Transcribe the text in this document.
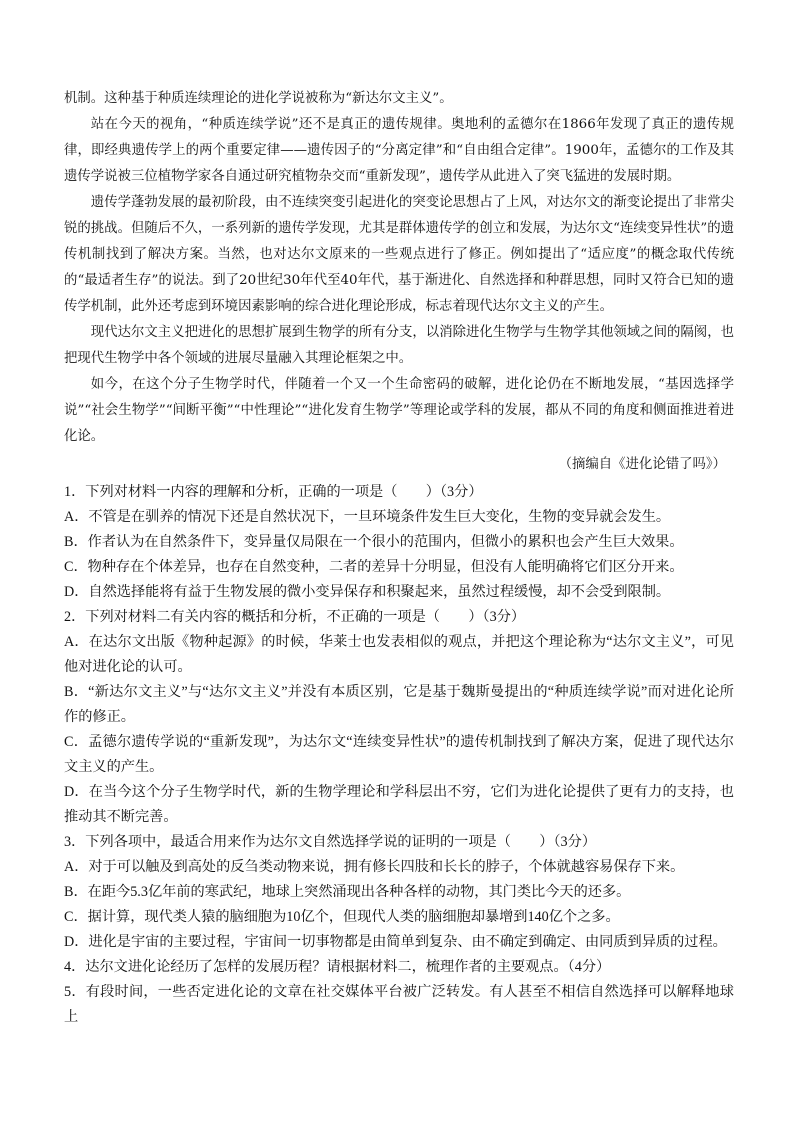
机制。这种基于种质连续理论的进化学说被称为“新达尔文主义”。

站在今天的视角，“种质连续学说”还不是真正的遗传规律。奥地利的孟德尔在1866年发现了真正的遗传规律，即经典遗传学上的两个重要定律——遗传因子的“分离定律”和“自由组合定律”。1900年，孟德尔的工作及其遗传学说被三位植物学家各自通过研究植物杂交而“重新发现”，遗传学从此进入了突飞猛进的发展时期。

遗传学蓬勃发展的最初阶段，由不连续突变引起进化的突变论思想占了上风，对达尔文的渐变论提出了非常尖锐的挑战。但随后不久，一系列新的遗传学发现，尤其是群体遗传学的创立和发展，为达尔文“连续变异性状”的遗传机制找到了解决方案。当然，也对达尔文原来的一些观点进行了修正。例如提出了“适应度”的概念取代传统的“最适者生存”的说法。到了20世纪30年代至40年代，基于渐进化、自然选择和种群思想，同时又符合已知的遗传学机制，此外还考虑到环境因素影响的综合进化理论形成，标志着现代达尔文主义的产生。

现代达尔文主义把进化的思想扩展到生物学的所有分支，以消除进化生物学与生物学其他领域之间的隔阂，也把现代生物学中各个领域的进展尽量融入其理论框架之中。

如今，在这个分子生物学时代，伴随着一个又一个生命密码的破解，进化论仍在不断地发展，“基因选择学说”“社会生物学”“间断平衡”“中性理论”“进化发育生物学”等理论或学科的发展，都从不同的角度和侧面推进着进化论。

（摘编自《进化论错了吗》）

1．下列对材料一内容的理解和分析，正确的一项是（　　）（3分）

A．不管是在驯养的情况下还是自然状况下，一旦环境条件发生巨大变化，生物的变异就会发生。

B．作者认为在自然条件下，变异量仅局限在一个很小的范围内，但微小的累积也会产生巨大效果。

C．物种存在个体差异，也存在自然变种，二者的差异十分明显，但没有人能明确将它们区分开来。

D．自然选择能将有益于生物发展的微小变异保存和积聚起来，虽然过程缓慢，却不会受到限制。

2．下列对材料二有关内容的概括和分析，不正确的一项是（　　）（3分）

A．在达尔文出版《物种起源》的时候，华莱士也发表相似的观点，并把这个理论称为“达尔文主义”，可见他对进化论的认可。

B．“新达尔文主义”与“达尔文主义”并没有本质区别，它是基于魏斯曼提出的“种质连续学说”而对进化论所作的修正。

C．孟德尔遗传学说的“重新发现”，为达尔文“连续变异性状”的遗传机制找到了解决方案，促进了现代达尔文主义的产生。

D．在当今这个分子生物学时代，新的生物学理论和学科层出不穷，它们为进化论提供了更有力的支持，也推动其不断完善。

3．下列各项中，最适合用来作为达尔文自然选择学说的证明的一项是（　　）（3分）

A．对于可以触及到高处的反刍类动物来说，拥有修长四肢和长长的脖子，个体就越容易保存下来。

B．在距今5.3亿年前的寒武纪，地球上突然涌现出各种各样的动物，其门类比今天的还多。

C．据计算，现代类人猿的脑细胞为10亿个，但现代人类的脑细胞却暴增到140亿个之多。

D．进化是宇宙的主要过程，宇宙间一切事物都是由简单到复杂、由不确定到确定、由同质到异质的过程。

4．达尔文进化论经历了怎样的发展历程？请根据材料二，梳理作者的主要观点。（4分）

5．有段时间，一些否定进化论的文章在社交媒体平台被广泛转发。有人甚至不相信自然选择可以解释地球上
